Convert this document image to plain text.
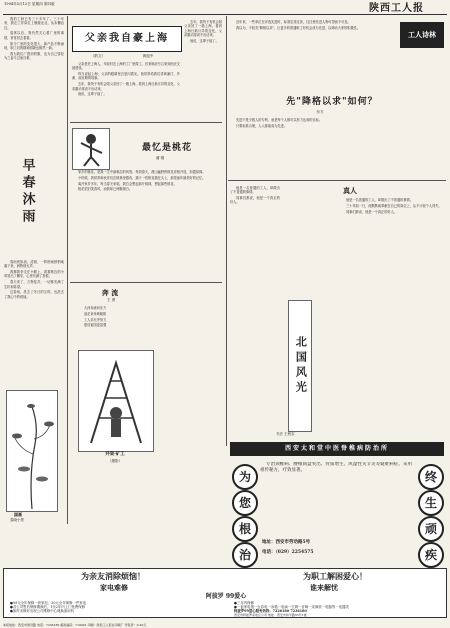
1994年5月12日 星期四 第四版	陕西工人报

我的工龄已有三十多年了。三十年来，我在工作岗位上兢兢业业，从未懈怠过。

退休以后，我仍然关心着厂里的事情，常常回去看看。

如今厂里的变化很大，新产品不断涌现，职工们的精神面貌也焕然一新。

我为我们厂感到骄傲，也为自己曾经为之奋斗过而自豪。

早春沐雨

春雨贵如油。清晨，一阵细雨悄悄地落下来，润物细无声。

我撑着伞走在小路上，看着路边的小草冒出了嫩芽，心里充满了喜悦。

春天来了，万物复苏，一切都充满了生机和希望。

这春雨，洗去了冬日的尘埃，也洗去了我心中的烦恼。

国画
春晓小景
父亲我自豪上海
（散文）	黄振中

父亲是老上海人，年轻时在上海的工厂里做工，后来响应号召来到西北支援建设。

每当说起上海，父亲的眼睛里总是闪着光。他常常给我们讲黄浦江、外滩、南京路的故事。

去年，我终于有机会陪父亲回了一趟上海。看到上海日新月异的变化，父亲激动得说不出话来。

他说，这辈子值了。

去年，我终于有机会陪父亲回了一趟上海。看到上海日新月异的变化，父亲激动得说不出话来。

他说，这辈子值了。

最忆是桃花
蒲 刚

家乡的桃花，是我一生中最难忘的风景。每到春天，漫山遍野的桃花竞相开放，如霞似锦。

小时候，我常常和伙伴们在桃林里嬉戏，摘下一枝桃花插在头上，那是童年最美好的记忆。

离开家乡多年，每当春天来临，我总会想起那片桃林，想起那些桃花。

桃花依旧笑春风，而我却已两鬓斑白。

奔 流
王 勇

大河奔流向东方

浪花朵朵映朝阳

工人弟兄齐努力

建设祖国更富强

井架·矿工
（摄影）
工人诗林

近年来，一些单位在评选先进时，标准定得过高，往往使先进人物可望而不可及。

我以为，不妨先"降格以求"，让更多的普通职工有机会成为先进，以调动大家的积极性。

先"降格以求"如何？
东方

先进不是少数人的专利，而是每个人都可以努力达到的目标。

只要标准合理，人人都能成为先进。

真人

他是一名普通的工人，却做出了不普通的事情。

三十年如一日，他默默地奉献在自己的岗位上，从不计较个人得失。

同事们都说，他是一个真正的好人。

他是一名普通的工人，却做出了不普通的事情。

同事们都说，他是一个真正的好人。

北国风光
书法 王秋实
西安太和堂中医脊椎病防治所
为
您
根
治
终
生
顽
疾

专治颈椎病、腰椎间盘突出、骨质增生、风湿性关节炎等疑难病症。采用祖传秘方，疗效显著。

地址：西安市劳动路5号
电话：（029）2254575
为亲友消除烦恼！	为职工解困爱心！
家电难修	谁来解忧
阿拔罗 99爱心
●99元全年保修一套家电，30元全年保修一件家电
●各公司售后保修期满后，1至2年内上门免费保修
●如时未修好出现公司维修中心调换备用机
●三年内保修
●一套家电指一台彩电一冰箱一电扇一空调一音响一录像机一电脑等一电器类
阿拔罗99爱心服务热线：7226180 7236180
西安市阿拔罗家电总公司 地址：西安市和平路55号1楼
本报地址：西安市建设路 电话：7236180 邮政编码：710001 印刷：陕西工人报社印刷厂 零售价：0.20元
